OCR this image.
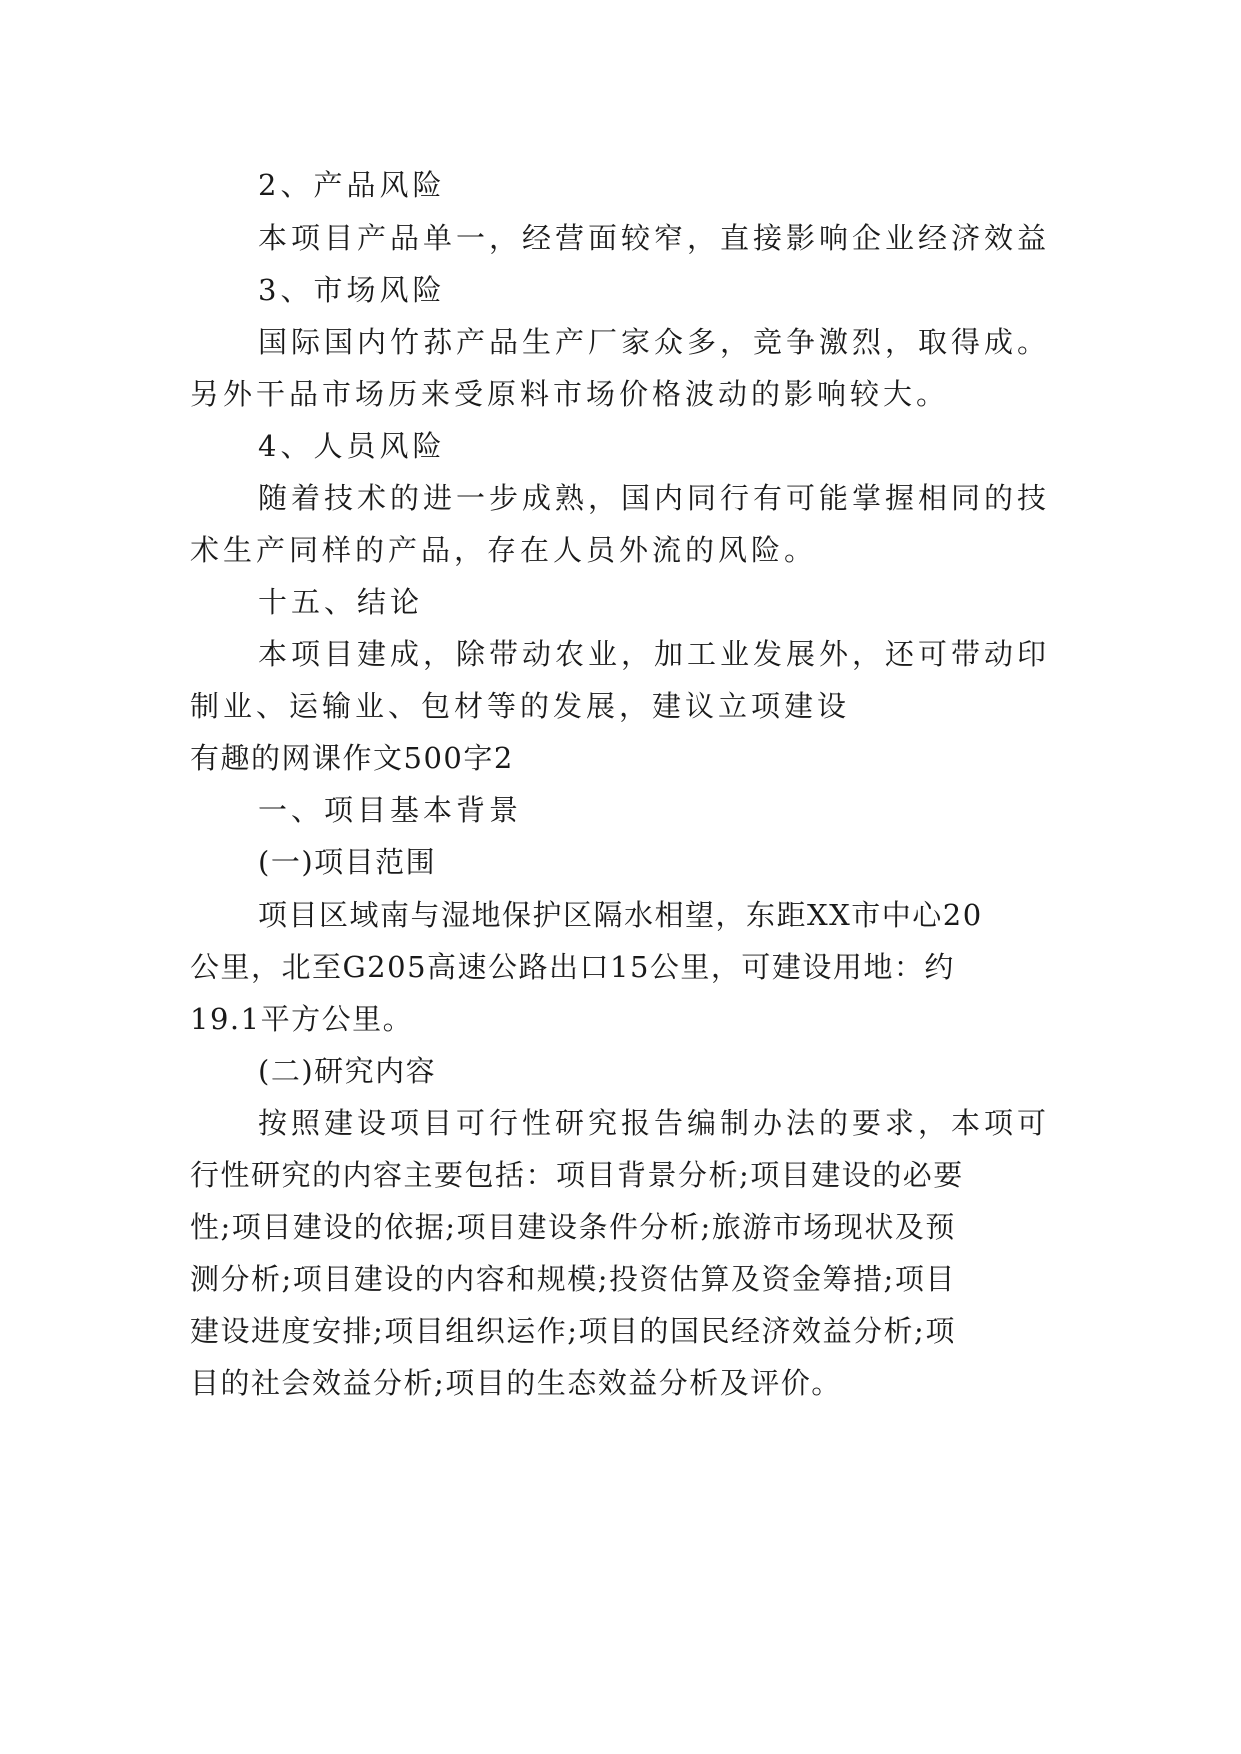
2、产品风险
本项目产品单一，经营面较窄，直接影响企业经济效益
3、市场风险
国际国内竹荪产品生产厂家众多，竞争激烈，取得成。
另外干品市场历来受原料市场价格波动的影响较大。
4、人员风险
随着技术的进一步成熟，国内同行有可能掌握相同的技
术生产同样的产品，存在人员外流的风险。
十五、结论
本项目建成，除带动农业，加工业发展外，还可带动印
制业、运输业、包材等的发展，建议立项建设
有趣的网课作文500字2
一、项目基本背景
(一)项目范围
项目区域南与湿地保护区隔水相望，东距XX市中心20
公里，北至G205高速公路出口15公里，可建设用地：约
19.1平方公里。
(二)研究内容
按照建设项目可行性研究报告编制办法的要求，本项可
行性研究的内容主要包括：项目背景分析;项目建设的必要
性;项目建设的依据;项目建设条件分析;旅游市场现状及预
测分析;项目建设的内容和规模;投资估算及资金筹措;项目
建设进度安排;项目组织运作;项目的国民经济效益分析;项
目的社会效益分析;项目的生态效益分析及评价。
